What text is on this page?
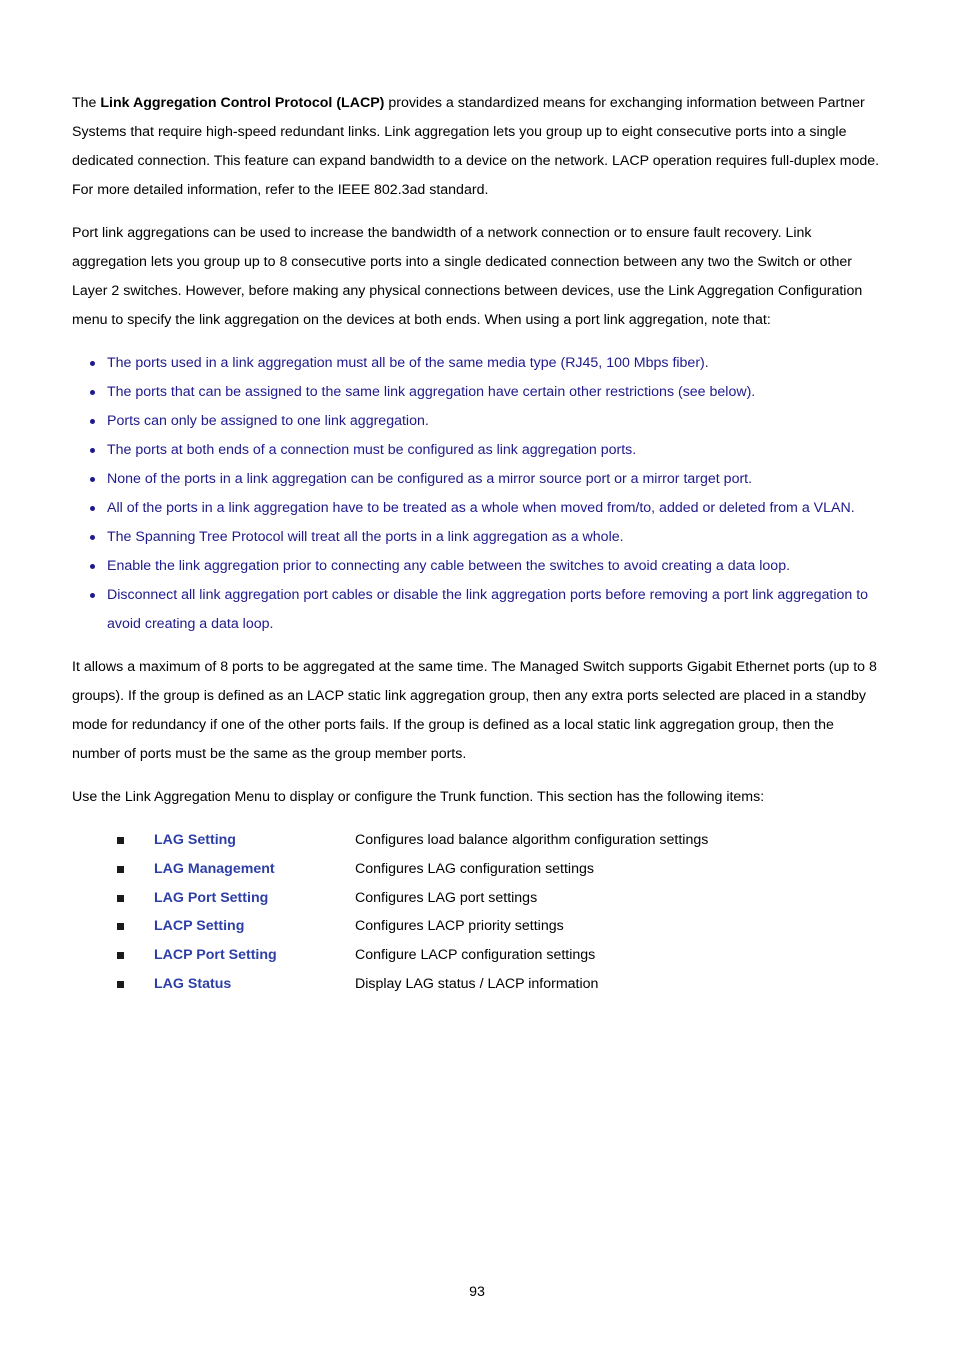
The Link Aggregation Control Protocol (LACP) provides a standardized means for exchanging information between Partner Systems that require high-speed redundant links. Link aggregation lets you group up to eight consecutive ports into a single dedicated connection. This feature can expand bandwidth to a device on the network. LACP operation requires full-duplex mode. For more detailed information, refer to the IEEE 802.3ad standard.

Port link aggregations can be used to increase the bandwidth of a network connection or to ensure fault recovery. Link aggregation lets you group up to 8 consecutive ports into a single dedicated connection between any two the Switch or other Layer 2 switches. However, before making any physical connections between devices, use the Link Aggregation Configuration menu to specify the link aggregation on the devices at both ends. When using a port link aggregation, note that:

The ports used in a link aggregation must all be of the same media type (RJ45, 100 Mbps fiber).
The ports that can be assigned to the same link aggregation have certain other restrictions (see below).
Ports can only be assigned to one link aggregation.
The ports at both ends of a connection must be configured as link aggregation ports.
None of the ports in a link aggregation can be configured as a mirror source port or a mirror target port.
All of the ports in a link aggregation have to be treated as a whole when moved from/to, added or deleted from a VLAN.
The Spanning Tree Protocol will treat all the ports in a link aggregation as a whole.
Enable the link aggregation prior to connecting any cable between the switches to avoid creating a data loop.
Disconnect all link aggregation port cables or disable the link aggregation ports before removing a port link aggregation to avoid creating a data loop.

It allows a maximum of 8 ports to be aggregated at the same time. The Managed Switch supports Gigabit Ethernet ports (up to 8 groups). If the group is defined as an LACP static link aggregation group, then any extra ports selected are placed in a standby mode for redundancy if one of the other ports fails. If the group is defined as a local static link aggregation group, then the number of ports must be the same as the group member ports.

Use the Link Aggregation Menu to display or configure the Trunk function. This section has the following items:

LAG Setting	Configures load balance algorithm configuration settings
LAG Management	Configures LAG configuration settings
LAG Port Setting	Configures LAG port settings
LACP Setting	Configures LACP priority settings
LACP Port Setting	Configure LACP configuration settings
LAG Status	Display LAG status / LACP information
93
